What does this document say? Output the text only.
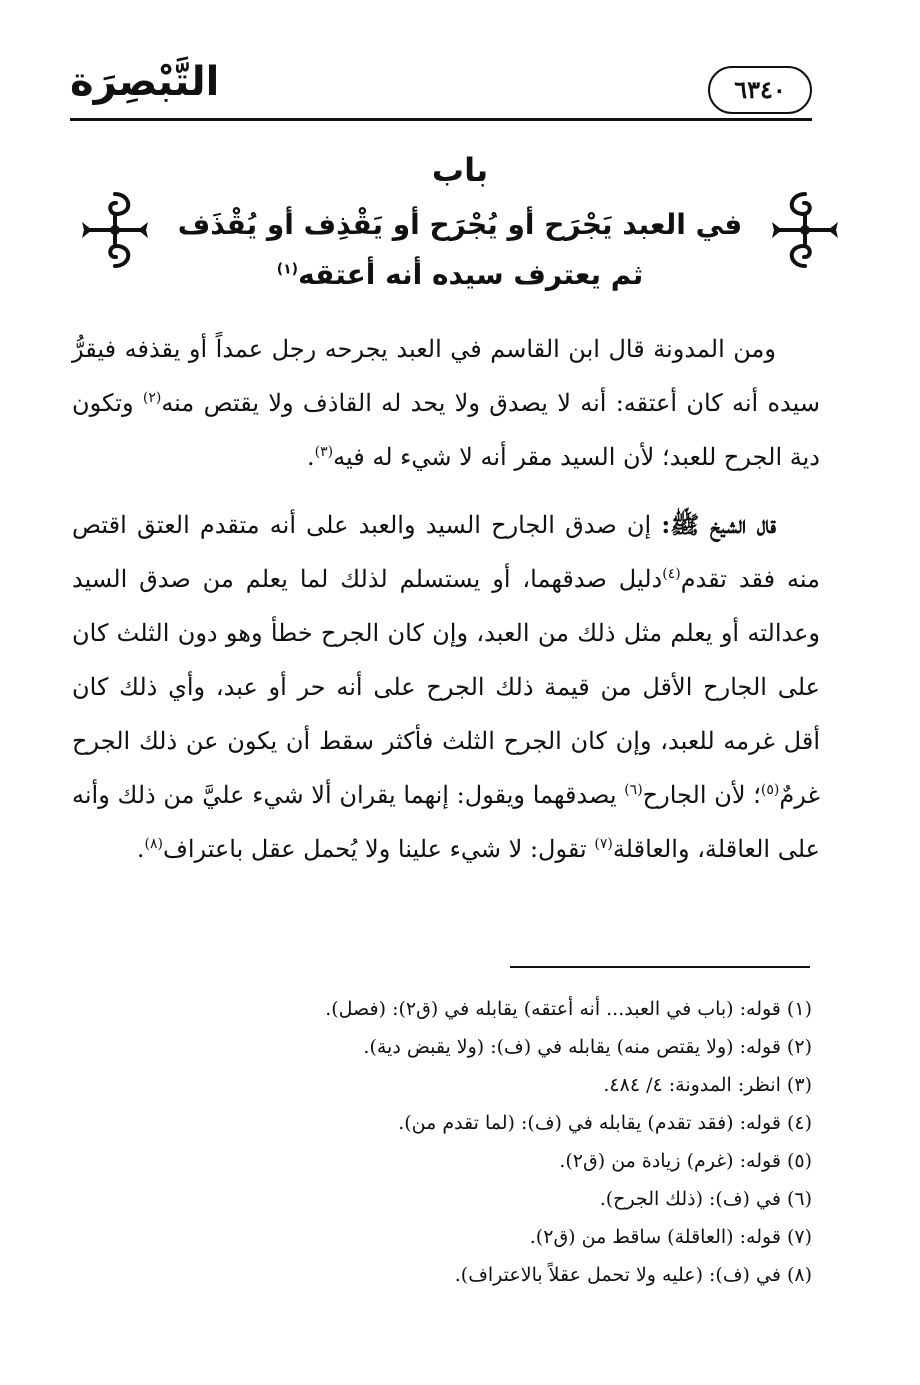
٦٣٤٠
التَّبْصِرَة
باب
في العبد يَجْرَح أو يُجْرَح أو يَقْذِف أو يُقْذَف
ثم يعترف سيده أنه أعتقه$^{(١)}$

ومن المدونة قال ابن القاسم في العبد يجرحه رجل عمداً أو يقذفه فيقرُّ سيده أنه كان أعتقه: أنه لا يصدق ولا يحد له القاذف ولا يقتص منه$^{(٢)}$ وتكون دية الجرح للعبد؛ لأن السيد مقر أنه لا شيء له فيه$^{(٣)}$.

قال الشيخ ﷺ: إن صدق الجارح السيد والعبد على أنه متقدم العتق اقتص منه فقد تقدم$^{(٤)}$دليل صدقهما، أو يستسلم لذلك لما يعلم من صدق السيد وعدالته أو يعلم مثل ذلك من العبد، وإن كان الجرح خطأ وهو دون الثلث كان على الجارح الأقل من قيمة ذلك الجرح على أنه حر أو عبد، وأي ذلك كان أقل غرمه للعبد، وإن كان الجرح الثلث فأكثر سقط أن يكون عن ذلك الجرح غرمٌ$^{(٥)}$؛ لأن الجارح$^{(٦)}$ يصدقهما ويقول: إنهما يقران ألا شيء عليَّ من ذلك وأنه على العاقلة، والعاقلة$^{(٧)}$ تقول: لا شيء علينا ولا يُحمل عقل باعتراف$^{(٨)}$.

(١) قوله: (باب في العبد... أنه أعتقه) يقابله في (ق٢): (فصل).
(٢) قوله: (ولا يقتص منه) يقابله في (ف): (ولا يقبض دية).
(٣) انظر: المدونة: ٤/ ٤٨٤.
(٤) قوله: (فقد تقدم) يقابله في (ف): (لما تقدم من).
(٥) قوله: (غرم) زيادة من (ق٢).
(٦) في (ف): (ذلك الجرح).
(٧) قوله: (العاقلة) ساقط من (ق٢).
(٨) في (ف): (عليه ولا تحمل عقلاً بالاعتراف).
